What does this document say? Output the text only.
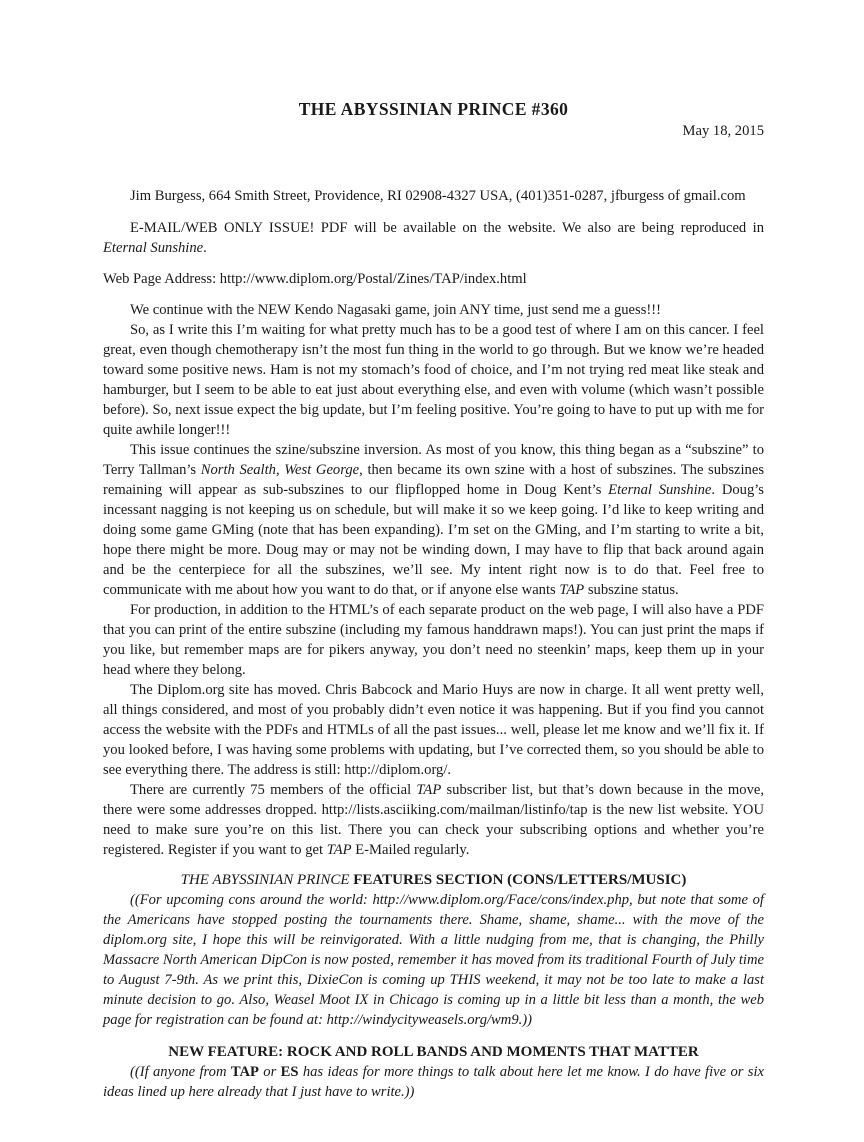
THE ABYSSINIAN PRINCE #360
May 18, 2015

Jim Burgess, 664 Smith Street, Providence, RI 02908-4327 USA, (401)351-0287, jfburgess of gmail.com

E-MAIL/WEB ONLY ISSUE! PDF will be available on the website. We also are being reproduced in Eternal Sunshine.

Web Page Address: http://www.diplom.org/Postal/Zines/TAP/index.html

We continue with the NEW Kendo Nagasaki game, join ANY time, just send me a guess!!!

So, as I write this I’m waiting for what pretty much has to be a good test of where I am on this cancer. I feel great, even though chemotherapy isn’t the most fun thing in the world to go through. But we know we’re headed toward some positive news. Ham is not my stomach’s food of choice, and I’m not trying red meat like steak and hamburger, but I seem to be able to eat just about everything else, and even with volume (which wasn’t possible before). So, next issue expect the big update, but I’m feeling positive. You’re going to have to put up with me for quite awhile longer!!!

This issue continues the szine/subszine inversion. As most of you know, this thing began as a “subszine” to Terry Tallman’s North Sealth, West George, then became its own szine with a host of subszines. The subszines remaining will appear as sub-subszines to our flipflopped home in Doug Kent’s Eternal Sunshine. Doug’s incessant nagging is not keeping us on schedule, but will make it so we keep going. I’d like to keep writing and doing some game GMing (note that has been expanding). I’m set on the GMing, and I’m starting to write a bit, hope there might be more. Doug may or may not be winding down, I may have to flip that back around again and be the centerpiece for all the subszines, we’ll see. My intent right now is to do that. Feel free to communicate with me about how you want to do that, or if anyone else wants TAP subszine status.

For production, in addition to the HTML’s of each separate product on the web page, I will also have a PDF that you can print of the entire subszine (including my famous handdrawn maps!). You can just print the maps if you like, but remember maps are for pikers anyway, you don’t need no steenkin’ maps, keep them up in your head where they belong.

The Diplom.org site has moved. Chris Babcock and Mario Huys are now in charge. It all went pretty well, all things considered, and most of you probably didn’t even notice it was happening. But if you find you cannot access the website with the PDFs and HTMLs of all the past issues... well, please let me know and we’ll fix it. If you looked before, I was having some problems with updating, but I’ve corrected them, so you should be able to see everything there. The address is still: http://diplom.org/.

There are currently 75 members of the official TAP subscriber list, but that’s down because in the move, there were some addresses dropped. http://lists.asciiking.com/mailman/listinfo/tap is the new list website. YOU need to make sure you’re on this list. There you can check your subscribing options and whether you’re registered. Register if you want to get TAP E-Mailed regularly.

THE ABYSSINIAN PRINCE FEATURES SECTION (CONS/LETTERS/MUSIC)

((For upcoming cons around the world: http://www.diplom.org/Face/cons/index.php, but note that some of the Americans have stopped posting the tournaments there. Shame, shame, shame... with the move of the diplom.org site, I hope this will be reinvigorated. With a little nudging from me, that is changing, the Philly Massacre North American DipCon is now posted, remember it has moved from its traditional Fourth of July time to August 7-9th. As we print this, DixieCon is coming up THIS weekend, it may not be too late to make a last minute decision to go. Also, Weasel Moot IX in Chicago is coming up in a little bit less than a month, the web page for registration can be found at: http://windycityweasels.org/wm9.))

NEW FEATURE: ROCK AND ROLL BANDS AND MOMENTS THAT MATTER

((If anyone from TAP or ES has ideas for more things to talk about here let me know. I do have five or six ideas lined up here already that I just have to write.))
